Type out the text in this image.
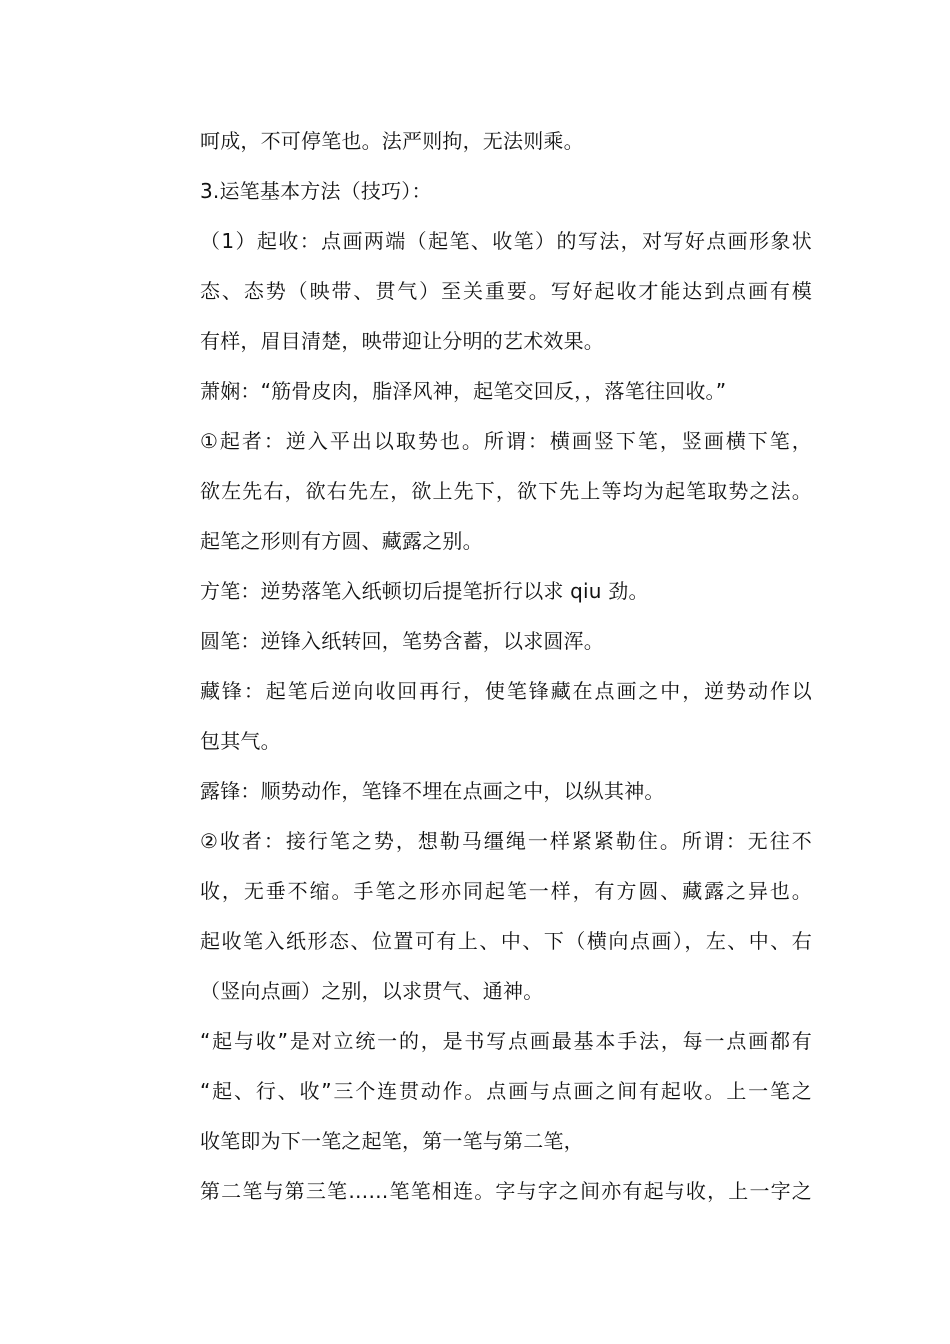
呵成，不可停笔也。法严则拘，无法则乘。
3.运笔基本方法（技巧）：
（1）起收：点画两端（起笔、收笔）的写法，对写好点画形象状
态、态势（映带、贯气）至关重要。写好起收才能达到点画有模
有样，眉目清楚，映带迎让分明的艺术效果。
萧娴：“筋骨皮肉，脂泽风神，起笔交回反，，落笔往回收。”
①起者：逆入平出以取势也。所谓：横画竖下笔，竖画横下笔，
欲左先右，欲右先左，欲上先下，欲下先上等均为起笔取势之法。
起笔之形则有方圆、藏露之别。
方笔：逆势落笔入纸顿切后提笔折行以求 qiu 劲。
圆笔：逆锋入纸转回，笔势含蓄，以求圆浑。
藏锋：起笔后逆向收回再行，使笔锋藏在点画之中，逆势动作以
包其气。
露锋：顺势动作，笔锋不埋在点画之中，以纵其神。
②收者：接行笔之势，想勒马缰绳一样紧紧勒住。所谓：无往不
收，无垂不缩。手笔之形亦同起笔一样，有方圆、藏露之异也。
起收笔入纸形态、位置可有上、中、下（横向点画），左、中、右
（竖向点画）之别，以求贯气、通神。
“起与收”是对立统一的，是书写点画最基本手法，每一点画都有
“起、行、收”三个连贯动作。点画与点画之间有起收。上一笔之
收笔即为下一笔之起笔，第一笔与第二笔，
第二笔与第三笔……笔笔相连。字与字之间亦有起与收，上一字之
